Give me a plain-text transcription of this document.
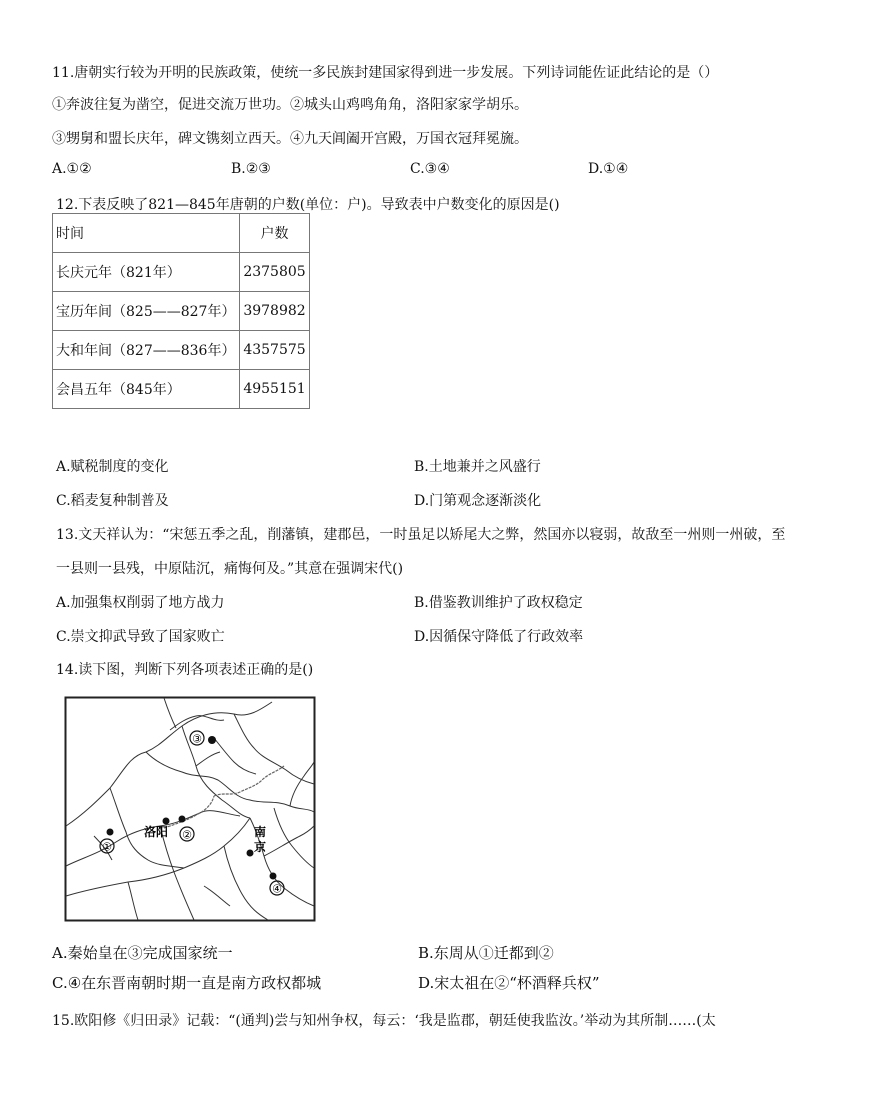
11.唐朝实行较为开明的民族政策，使统一多民族封建国家得到进一步发展。下列诗词能佐证此结论的是（）
①奔波往复为凿空，促进交流万世功。②城头山鸡鸣角角，洛阳家家学胡乐。
③甥舅和盟长庆年，碑文镌刻立西天。④九天阊阖开宫殿，万国衣冠拜冕旒。
A.①②	B.②③	C.③④	D.①④
12.下表反映了821—845年唐朝的户数(单位：户)。导致表中户数变化的原因是()
时间	户数
长庆元年（821年）	2375805
宝历年间（825——827年）	3978982
大和年间（827——836年）	4357575
会昌五年（845年）	4955151
A.赋税制度的变化	B.土地兼并之风盛行
C.稻麦复种制普及	D.门第观念逐渐淡化
13.文天祥认为：“宋惩五季之乱，削藩镇，建郡邑，一时虽足以矫尾大之弊，然国亦以寝弱，故敌至一州则一州破，至
一县则一县残，中原陆沉，痛悔何及。”其意在强调宋代()
A.加强集权削弱了地方战力	B.借鉴教训维护了政权稳定
C.崇文抑武导致了国家败亡	D.因循保守降低了行政效率
14.读下图，判断下列各项表述正确的是()
③
①
洛阳 ②	南
京
④
A.秦始皇在③完成国家统一	B.东周从①迁都到②
C.④在东晋南朝时期一直是南方政权都城	D.宋太祖在②“杯酒释兵权”
15.欧阳修《归田录》记载：“(通判)尝与知州争权，每云：‘我是监郡，朝廷使我监汝。’举动为其所制……(太
